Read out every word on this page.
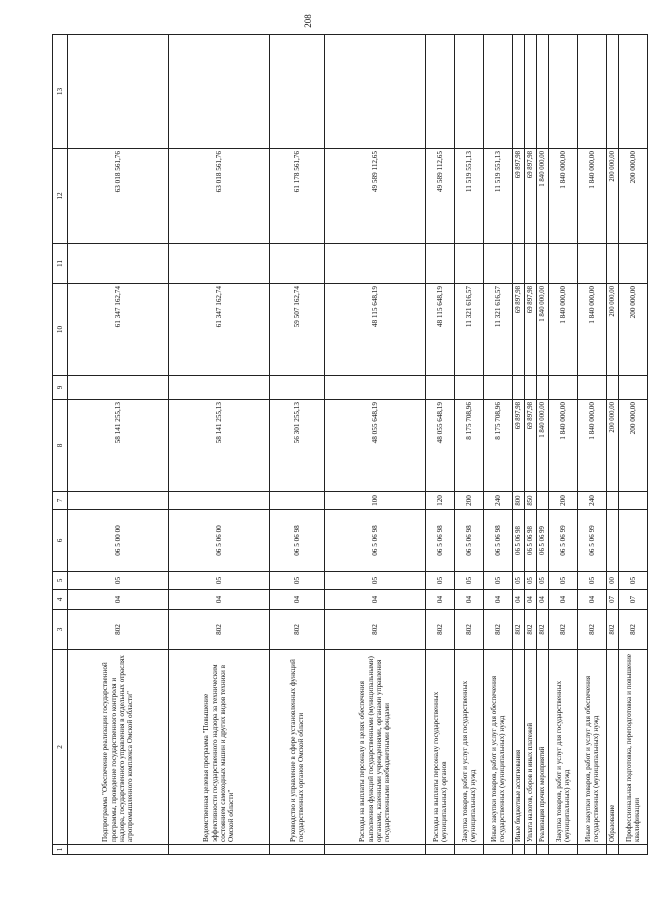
208
1	2	3	4	5	6	7	8	9	10	11	12	13
	Подпрограмма "Обеспечение реализации государственной программы, проведение государственного контроля и надзора, государственного управления в отдельных отраслях агропромышленного комплекса Омской области"	802	04	05	06 5 00 00		58 141 255,13		61 347 162,74		63 018 561,76	
	Ведомственная целевая программа "Повышение эффективности государственного надзора за техническим состоянием самоходных машин и других видов техники в Омской области"	802	04	05	06 5 06 00		58 141 255,13		61 347 162,74		63 018 561,76	
	Руководство и управление в сфере установленных функций государственных органов Омской области	802	04	05	06 5 06 98		56 301 255,13		59 507 162,74		61 178 561,76	
	Расходы на выплаты персоналу в целях обеспечения выполнения функций государственными (муниципальными) органами, казенными учреждениями, органами управления государственными внебюджетными фондами	802	04	05	06 5 06 98	100	48 055 648,19		48 115 648,19		49 589 112,65	
	Расходы на выплаты персоналу государственных (муниципальных) органов	802	04	05	06 5 06 98	120	48 055 648,19		48 115 648,19		49 589 112,65	
	Закупка товаров, работ и услуг для государственных (муниципальных) нужд	802	04	05	06 5 06 98	200	8 175 708,96		11 321 616,57		11 519 551,13	
	Иные закупки товаров, работ и услуг для обеспечения государственных (муниципальных) нужд	802	04	05	06 5 06 98	240	8 175 708,96		11 321 616,57		11 519 551,13	
	Иные бюджетные ассигнования	802	04	05	06 5 06 98	800	69 897,98		69 897,98		69 897,98	
	Уплата налогов, сборов и иных платежей	802	04	05	06 5 06 98	850	69 897,98		69 897,98		69 897,98	
	Реализация прочих мероприятий	802	04	05	06 5 06 99		1 840 000,00		1 840 000,00		1 840 000,00	
	Закупка товаров, работ и услуг для государственных (муниципальных) нужд	802	04	05	06 5 06 99	200	1 840 000,00		1 840 000,00		1 840 000,00	
	Иные закупки товаров, работ и услуг для обеспечения государственных (муниципальных) нужд	802	04	05	06 5 06 99	240	1 840 000,00		1 840 000,00		1 840 000,00	
	Образование	802	07	00			200 000,00		200 000,00		200 000,00	
	Профессиональная подготовка, переподготовка и повышение квалификации	802	07	05			200 000,00		200 000,00		200 000,00	
